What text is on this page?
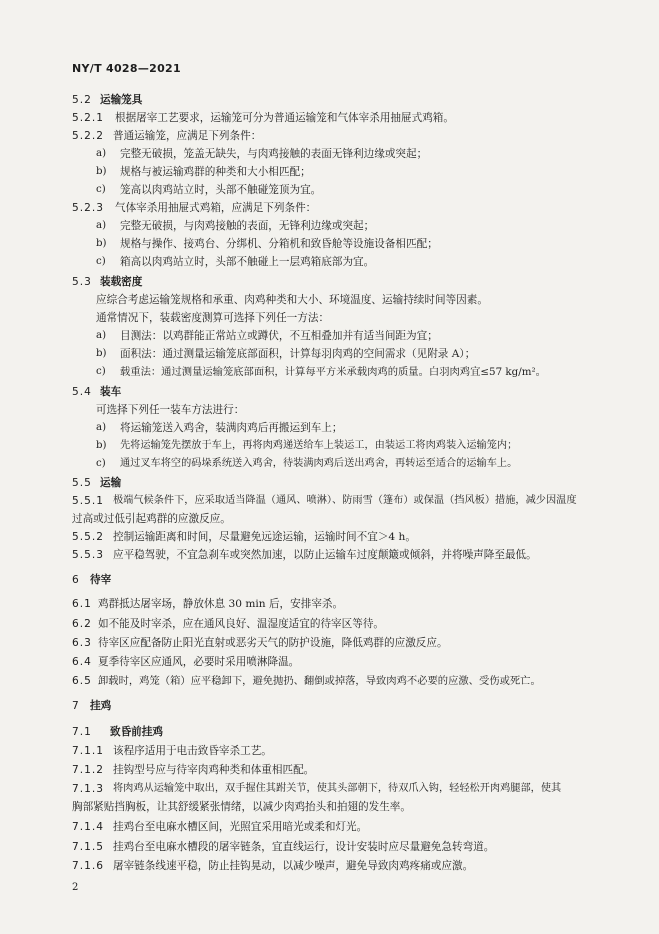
NY/T 4028—2021
5.2 运输笼具
5.2.1 根据屠宰工艺要求，运输笼可分为普通运输笼和气体宰杀用抽屉式鸡箱。
5.2.2 普通运输笼，应满足下列条件：
a) 完整无破损，笼盖无缺失，与肉鸡接触的表面无锋利边缘或突起；
b) 规格与被运输鸡群的种类和大小相匹配；
c) 笼高以肉鸡站立时，头部不触碰笼顶为宜。
5.2.3 气体宰杀用抽屉式鸡箱，应满足下列条件：
a) 完整无破损，与肉鸡接触的表面，无锋利边缘或突起；
b) 规格与操作、接鸡台、分绑机、分箱机和致昏舱等设施设备相匹配；
c) 箱高以肉鸡站立时，头部不触碰上一层鸡箱底部为宜。
5.3 装载密度
应综合考虑运输笼规格和承重、肉鸡种类和大小、环境温度、运输持续时间等因素。
通常情况下，装载密度测算可选择下列任一方法：
a) 目测法：以鸡群能正常站立或蹲伏，不互相叠加并有适当间距为宜；
b) 面积法：通过测量运输笼底部面积，计算每羽肉鸡的空间需求（见附录 A）；
c) 载重法：通过测量运输笼底部面积，计算每平方米承载肉鸡的质量。白羽肉鸡宜≤57 kg/m²。
5.4 装车
可选择下列任一装车方法进行：
a) 将运输笼送入鸡舍，装满肉鸡后再搬运到车上；
b) 先将运输笼先摆放于车上，再将肉鸡递送给车上装运工，由装运工将肉鸡装入运输笼内；
c) 通过叉车将空的码垛系统送入鸡舍，待装满肉鸡后送出鸡舍，再转运至适合的运输车上。
5.5 运输
5.5.1 极端气候条件下，应采取适当降温（通风、喷淋）、防雨雪（篷布）或保温（挡风板）措施，减少因温度
过高或过低引起鸡群的应激反应。
5.5.2 控制运输距离和时间，尽量避免远途运输，运输时间不宜＞4 h。
5.5.3 应平稳驾驶，不宜急刹车或突然加速，以防止运输车过度颠簸或倾斜，并将噪声降至最低。
6 待宰
6.1 鸡群抵达屠宰场，静放休息 30 min 后，安排宰杀。
6.2 如不能及时宰杀，应在通风良好、温湿度适宜的待宰区等待。
6.3 待宰区应配备防止阳光直射或恶劣天气的防护设施，降低鸡群的应激反应。
6.4 夏季待宰区应通风，必要时采用喷淋降温。
6.5 卸载时，鸡笼（箱）应平稳卸下，避免抛扔、翻倒或掉落，导致肉鸡不必要的应激、受伤或死亡。
7 挂鸡
7.1 致昏前挂鸡
7.1.1 该程序适用于电击致昏宰杀工艺。
7.1.2 挂钩型号应与待宰肉鸡种类和体重相匹配。
7.1.3 将肉鸡从运输笼中取出，双手握住其跗关节，使其头部朝下，待双爪入钩，轻轻松开肉鸡腿部，使其
胸部紧贴挡胸板，让其舒缓紧张情绪，以减少肉鸡抬头和拍翅的发生率。
7.1.4 挂鸡台至电麻水槽区间，光照宜采用暗光或柔和灯光。
7.1.5 挂鸡台至电麻水槽段的屠宰链条，宜直线运行，设计安装时应尽量避免急转弯道。
7.1.6 屠宰链条线速平稳，防止挂钩晃动，以减少噪声，避免导致肉鸡疼痛或应激。
2
